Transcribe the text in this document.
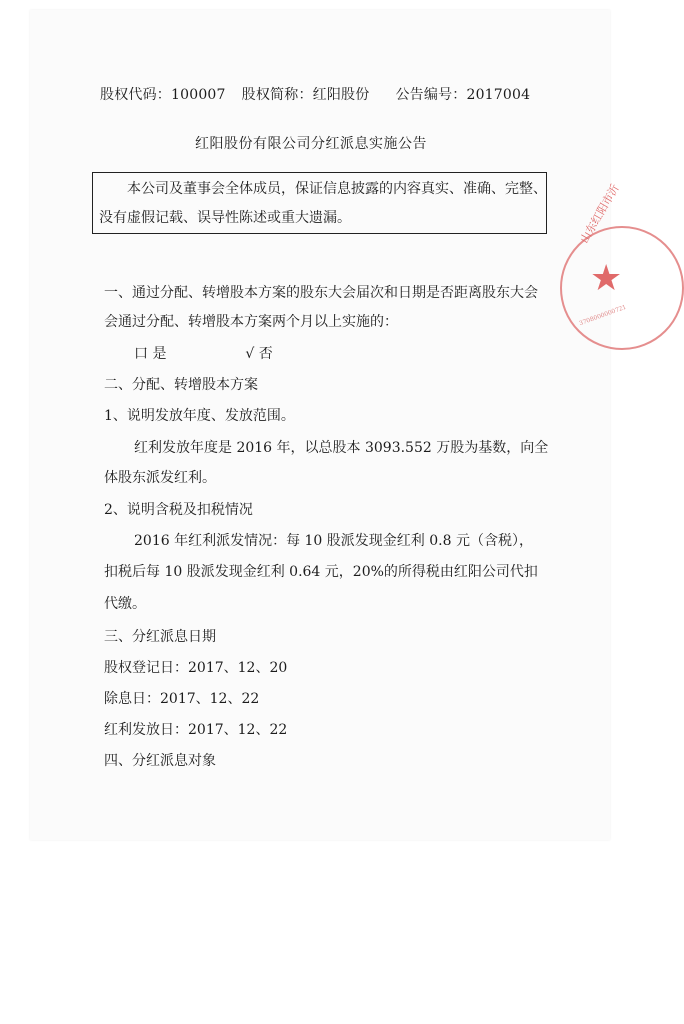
股权代码：100007 股权简称：红阳股份 公告编号：2017004
红阳股份有限公司分红派息实施公告
本公司及董事会全体成员，保证信息披露的内容真实、准确、完整、
没有虚假记载、误导性陈述或重大遗漏。
一、通过分配、转增股本方案的股东大会届次和日期是否距离股东大会
会通过分配、转增股本方案两个月以上实施的：
口 是	√ 否
二、分配、转增股本方案
1、说明发放年度、发放范围。
红利发放年度是 2016 年，以总股本 3093.552 万股为基数，向全
体股东派发红利。
2、说明含税及扣税情况
2016 年红利派发情况：每 10 股派发现金红利 0.8 元（含税），
扣税后每 10 股派发现金红利 0.64 元，20%的所得税由红阳公司代扣
代缴。
三、分红派息日期
股权登记日：2017、12、20
除息日：2017、12、22
红利发放日：2017、12、22
四、分红派息对象
★
山东红阳市沂
3708000000721
